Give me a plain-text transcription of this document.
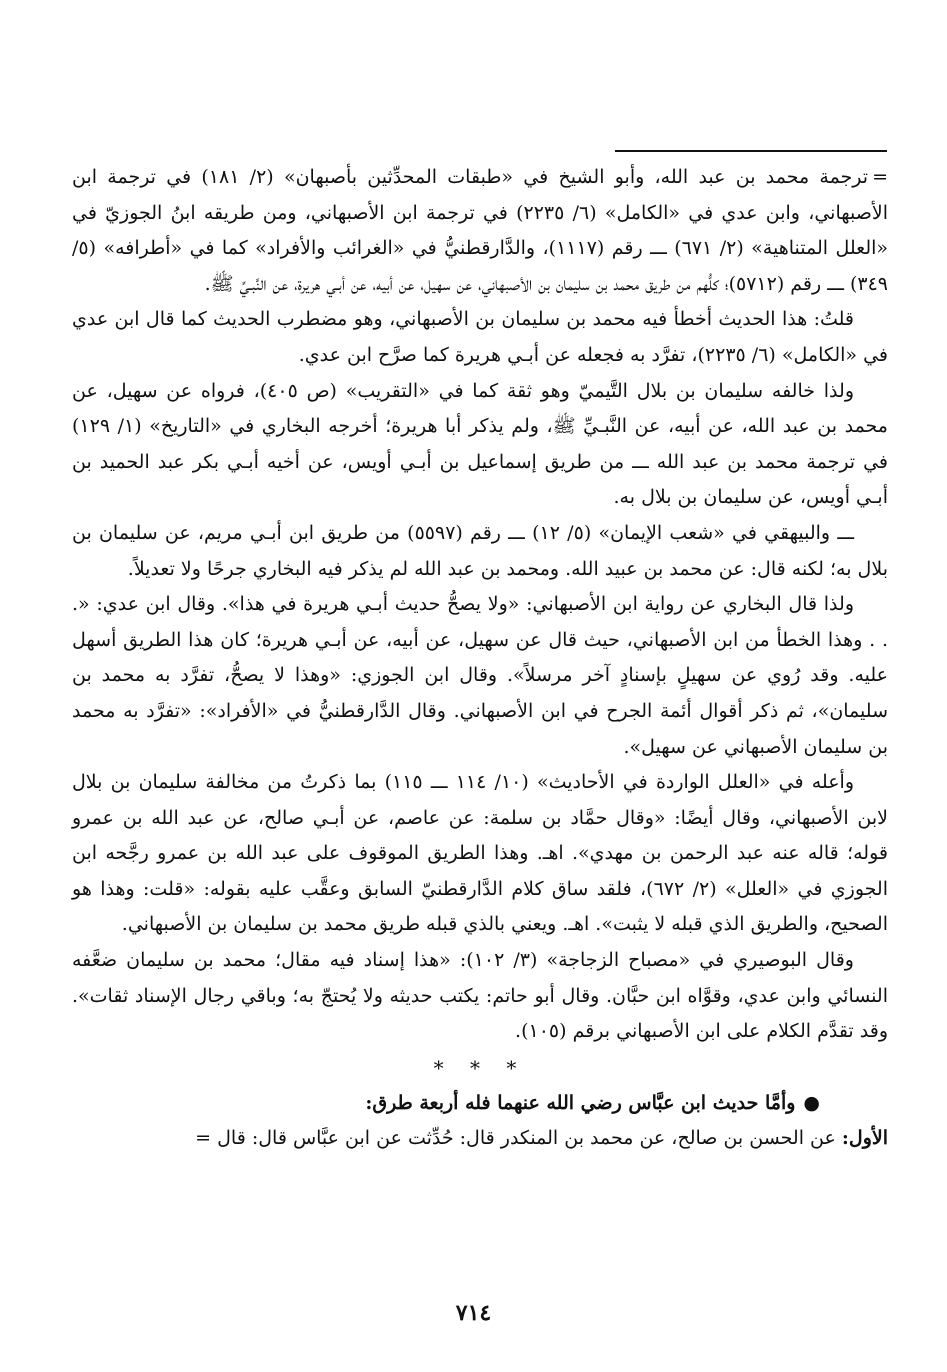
=ترجمة محمد بن عبد الله، وأبو الشيخ في «طبقات المحدِّثين بأصبهان» (٢/ ١٨١) في ترجمة ابن الأصبهاني، وابن عدي في «الكامل» (٦/ ٢٢٣٥) في ترجمة ابن الأصبهاني، ومن طريقه ابنُ الجوزيّ في «العلل المتناهية» (٢/ ٦٧١) ـــ رقم (١١١٧)، والدَّارقطنيُّ في «الغرائب والأفراد» كما في «أطرافه» (٥/ ٣٤٩) ـــ رقم (٥٧١٢)؛ كلُّهم من طريق محمد بن سليمان بن الأصبهاني، عن سهيل، عن أبيه، عن أبـي هريرة، عن النَّبـيِّ ﷺ.

قلتُ: هذا الحديث أخطأ فيه محمد بن سليمان بن الأصبهاني، وهو مضطرب الحديث كما قال ابن عدي في «الكامل» (٦/ ٢٢٣٥)، تفرَّد به فجعله عن أبـي هريرة كما صرَّح ابن عدي.

ولذا خالفه سليمان بن بلال التَّيميّ وهو ثقة كما في «التقريب» (ص ٤٠٥)، فرواه عن سهيل، عن محمد بن عبد الله، عن أبيه، عن النَّبـيِّ ﷺ، ولم يذكر أبا هريرة؛ أخرجه البخاري في «التاريخ» (١/ ١٢٩) في ترجمة محمد بن عبد الله ـــ من طريق إسماعيل بن أبـي أويس، عن أخيه أبـي بكر عبد الحميد بن أبـي أويس، عن سليمان بن بلال به.

ـــ والبيهقي في «شعب الإيمان» (٥/ ١٢) ـــ رقم (٥٥٩٧) من طريق ابن أبـي مريم، عن سليمان بن بلال به؛ لكنه قال: عن محمد بن عبيد الله. ومحمد بن عبد الله لم يذكر فيه البخاري جرحًا ولا تعديلاً.

ولذا قال البخاري عن رواية ابن الأصبهاني: «ولا يصحُّ حديث أبـي هريرة في هذا». وقال ابن عدي: «. . . وهذا الخطأ من ابن الأصبهاني، حيث قال عن سهيل، عن أبيه، عن أبـي هريرة؛ كان هذا الطريق أسهل عليه. وقد رُوي عن سهيلٍ بإسنادٍ آخر مرسلاً». وقال ابن الجوزي: «وهذا لا يصحُّ، تفرَّد به محمد بن سليمان»، ثم ذكر أقوال أئمة الجرح في ابن الأصبهاني. وقال الدَّارقطنيُّ في «الأفراد»: «تفرَّد به محمد بن سليمان الأصبهاني عن سهيل».

وأعله في «العلل الواردة في الأحاديث» (١٠/ ١١٤ ـــ ١١٥) بما ذكرتُ من مخالفة سليمان بن بلال لابن الأصبهاني، وقال أيضًا: «وقال حمَّاد بن سلمة: عن عاصم، عن أبـي صالح، عن عبد الله بن عمرو قوله؛ قاله عنه عبد الرحمن بن مهدي». اهـ. وهذا الطريق الموقوف على عبد الله بن عمرو رجَّحه ابن الجوزي في «العلل» (٢/ ٦٧٢)، فلقد ساق كلام الدَّارقطنيّ السابق وعقَّب عليه بقوله: «قلت: وهذا هو الصحيح، والطريق الذي قبله لا يثبت». اهـ. ويعني بالذي قبله طريق محمد بن سليمان بن الأصبهاني.

وقال البوصيري في «مصباح الزجاجة» (٣/ ١٠٢): «هذا إسناد فيه مقال؛ محمد بن سليمان ضعَّفه النسائي وابن عدي، وقوَّاه ابن حبَّان. وقال أبو حاتم: يكتب حديثه ولا يُحتجّ به؛ وباقي رجال الإسناد ثقات». وقد تقدَّم الكلام على ابن الأصبهاني برقم (١٠٥).

* * *

●وأمَّا حديث ابن عبَّاس رضي الله عنهما فله أربعة طرق:

الأول: عن الحسن بن صالح، عن محمد بن المنكدر قال: حُدِّثت عن ابن عبَّاس قال: قال =

٧١٤
